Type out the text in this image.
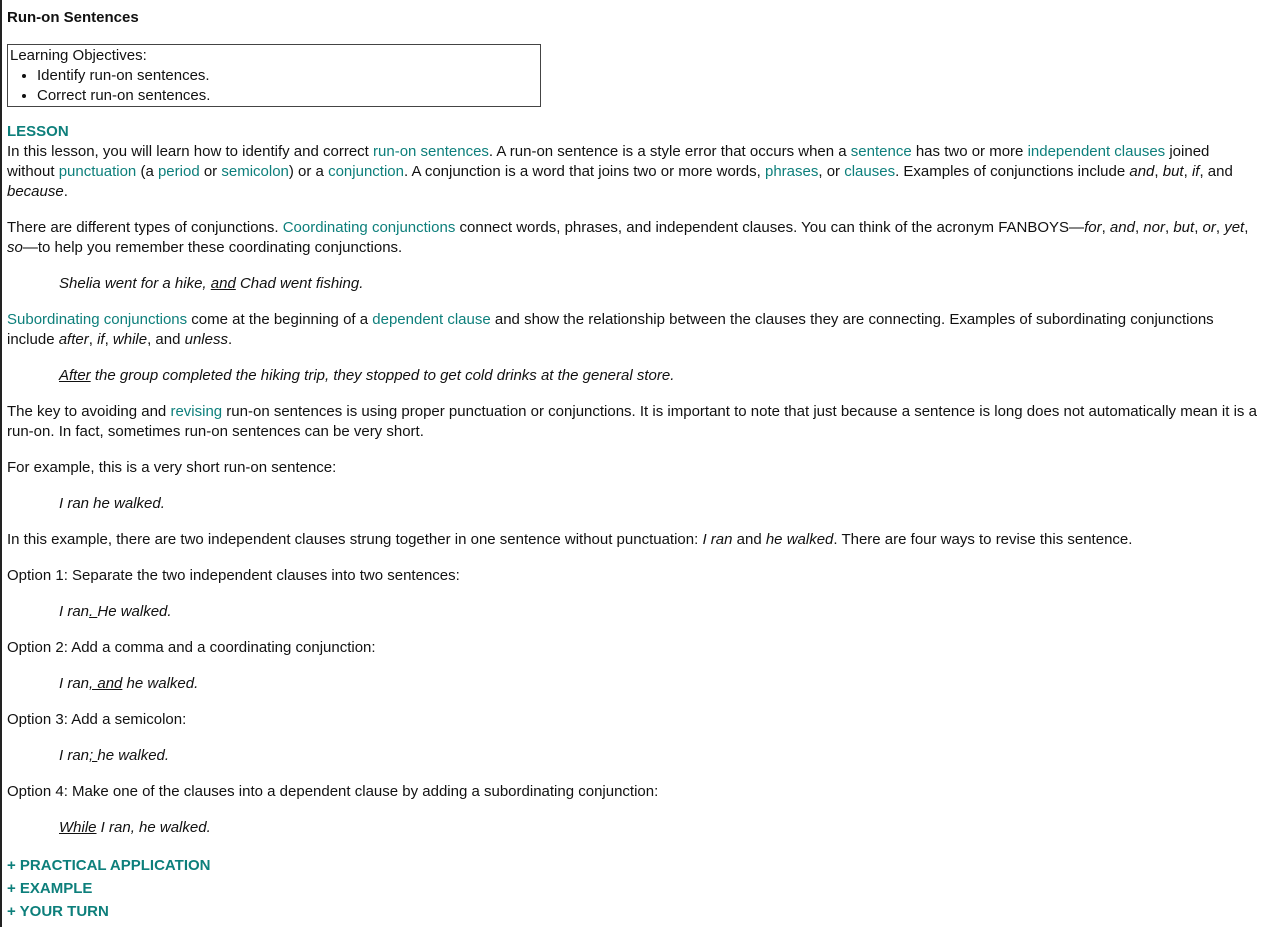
Run-on Sentences
Learning Objectives:
• Identify run-on sentences.
• Correct run-on sentences.
LESSON

In this lesson, you will learn how to identify and correct run-on sentences. A run-on sentence is a style error that occurs when a sentence has two or more independent clauses joined without punctuation (a period or semicolon) or a conjunction. A conjunction is a word that joins two or more words, phrases, or clauses. Examples of conjunctions include and, but, if, and because.

There are different types of conjunctions. Coordinating conjunctions connect words, phrases, and independent clauses. You can think of the acronym FANBOYS—for, and, nor, but, or, yet, so—to help you remember these coordinating conjunctions.

Shelia went for a hike, and Chad went fishing.

Subordinating conjunctions come at the beginning of a dependent clause and show the relationship between the clauses they are connecting. Examples of subordinating conjunctions include after, if, while, and unless.

After the group completed the hiking trip, they stopped to get cold drinks at the general store.

The key to avoiding and revising run-on sentences is using proper punctuation or conjunctions. It is important to note that just because a sentence is long does not automatically mean it is a run-on. In fact, sometimes run-on sentences can be very short.

For example, this is a very short run-on sentence:

I ran he walked.

In this example, there are two independent clauses strung together in one sentence without punctuation: I ran and he walked. There are four ways to revise this sentence.

Option 1: Separate the two independent clauses into two sentences:

I ran. He walked.

Option 2: Add a comma and a coordinating conjunction:

I ran, and he walked.

Option 3: Add a semicolon:

I ran; he walked.

Option 4: Make one of the clauses into a dependent clause by adding a subordinating conjunction:

While I ran, he walked.
+ PRACTICAL APPLICATION
+ EXAMPLE
+ YOUR TURN
